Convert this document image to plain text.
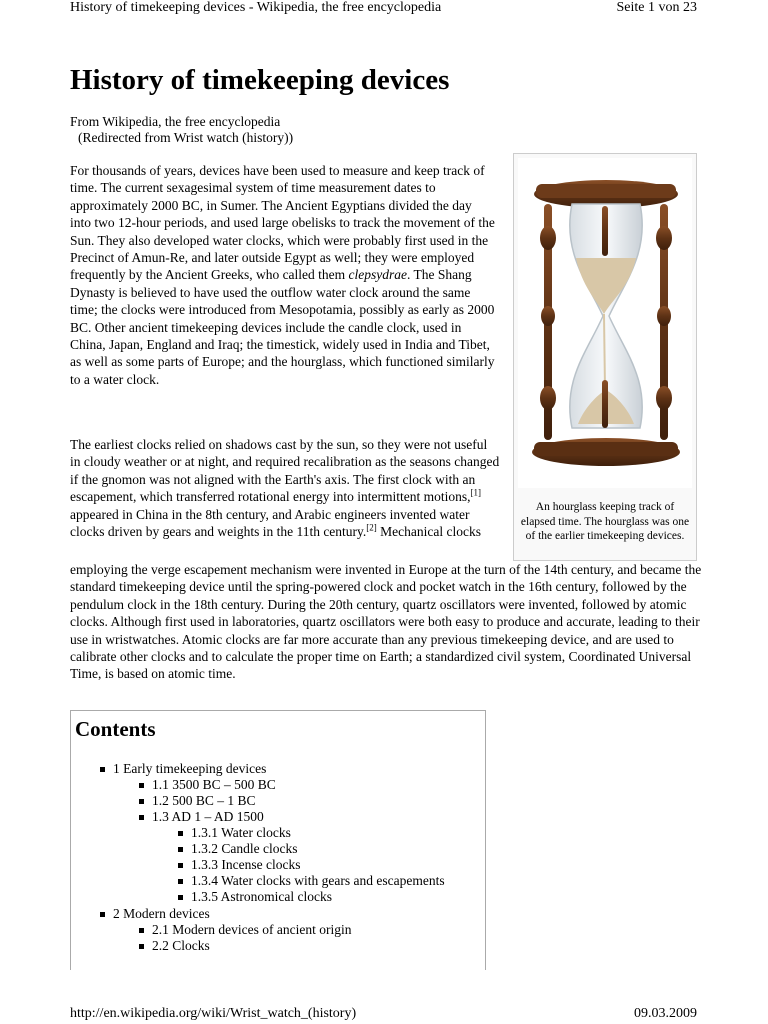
History of timekeeping devices - Wikipedia, the free encyclopedia	Seite 1 von 23
History of timekeeping devices
From Wikipedia, the free encyclopedia
(Redirected from Wrist watch (history))

For thousands of years, devices have been used to measure and keep track of time. The current sexagesimal system of time measurement dates to approximately 2000 BC, in Sumer. The Ancient Egyptians divided the day into two 12-hour periods, and used large obelisks to track the movement of the Sun. They also developed water clocks, which were probably first used in the Precinct of Amun-Re, and later outside Egypt as well; they were employed frequently by the Ancient Greeks, who called them clepsydrae. The Shang Dynasty is believed to have used the outflow water clock around the same time; the clocks were introduced from Mesopotamia, possibly as early as 2000 BC. Other ancient timekeeping devices include the candle clock, used in China, Japan, England and Iraq; the timestick, widely used in India and Tibet, as well as some parts of Europe; and the hourglass, which functioned similarly to a water clock.

The earliest clocks relied on shadows cast by the sun, so they were not useful in cloudy weather or at night, and required recalibration as the seasons changed if the gnomon was not aligned with the Earth's axis. The first clock with an escapement, which transferred rotational energy into intermittent motions,[1] appeared in China in the 8th century, and Arabic engineers invented water clocks driven by gears and weights in the 11th century.[2] Mechanical clocks

employing the verge escapement mechanism were invented in Europe at the turn of the 14th century, and became the standard timekeeping device until the spring-powered clock and pocket watch in the 16th century, followed by the pendulum clock in the 18th century. During the 20th century, quartz oscillators were invented, followed by atomic clocks. Although first used in laboratories, quartz oscillators were both easy to produce and accurate, leading to their use in wristwatches. Atomic clocks are far more accurate than any previous timekeeping device, and are used to calibrate other clocks and to calculate the proper time on Earth; a standardized civil system, Coordinated Universal Time, is based on atomic time.

An hourglass keeping track of elapsed time. The hourglass was one of the earlier timekeeping devices.
Contents
1 Early timekeeping devices
1.1 3500 BC – 500 BC
1.2 500 BC – 1 BC
1.3 AD 1 – AD 1500
1.3.1 Water clocks
1.3.2 Candle clocks
1.3.3 Incense clocks
1.3.4 Water clocks with gears and escapements
1.3.5 Astronomical clocks
2 Modern devices
2.1 Modern devices of ancient origin
2.2 Clocks
http://en.wikipedia.org/wiki/Wrist_watch_(history)	09.03.2009
